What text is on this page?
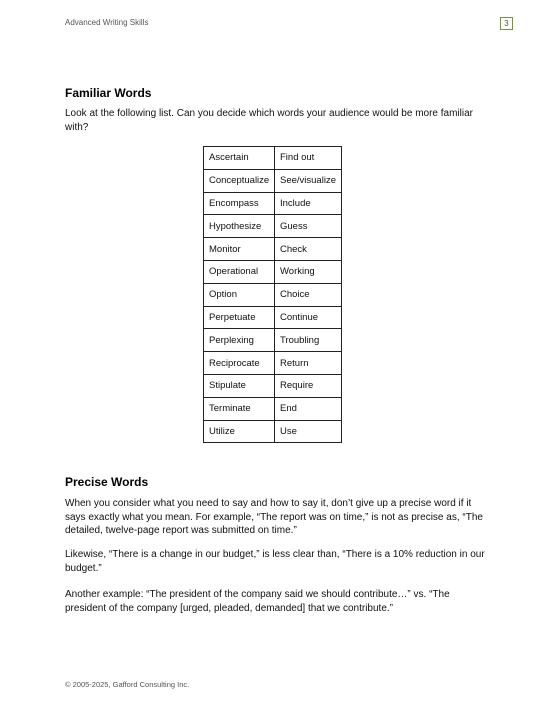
Advanced Writing Skills	3
Familiar Words

Look at the following list. Can you decide which words your audience would be more familiar with?

Ascertain	Find out
Conceptualize	See/visualize
Encompass	Include
Hypothesize	Guess
Monitor	Check
Operational	Working
Option	Choice
Perpetuate	Continue
Perplexing	Troubling
Reciprocate	Return
Stipulate	Require
Terminate	End
Utilize	Use
Precise Words

When you consider what you need to say and how to say it, don’t give up a precise word if it says exactly what you mean. For example, “The report was on time,” is not as precise as, “The detailed, twelve-page report was submitted on time.”

Likewise, “There is a change in our budget,” is less clear than, “There is a 10% reduction in our budget.”

Another example: “The president of the company said we should contribute…” vs. “The president of the company [urged, pleaded, demanded] that we contribute.”

© 2005-2025, Gafford Consulting Inc.
